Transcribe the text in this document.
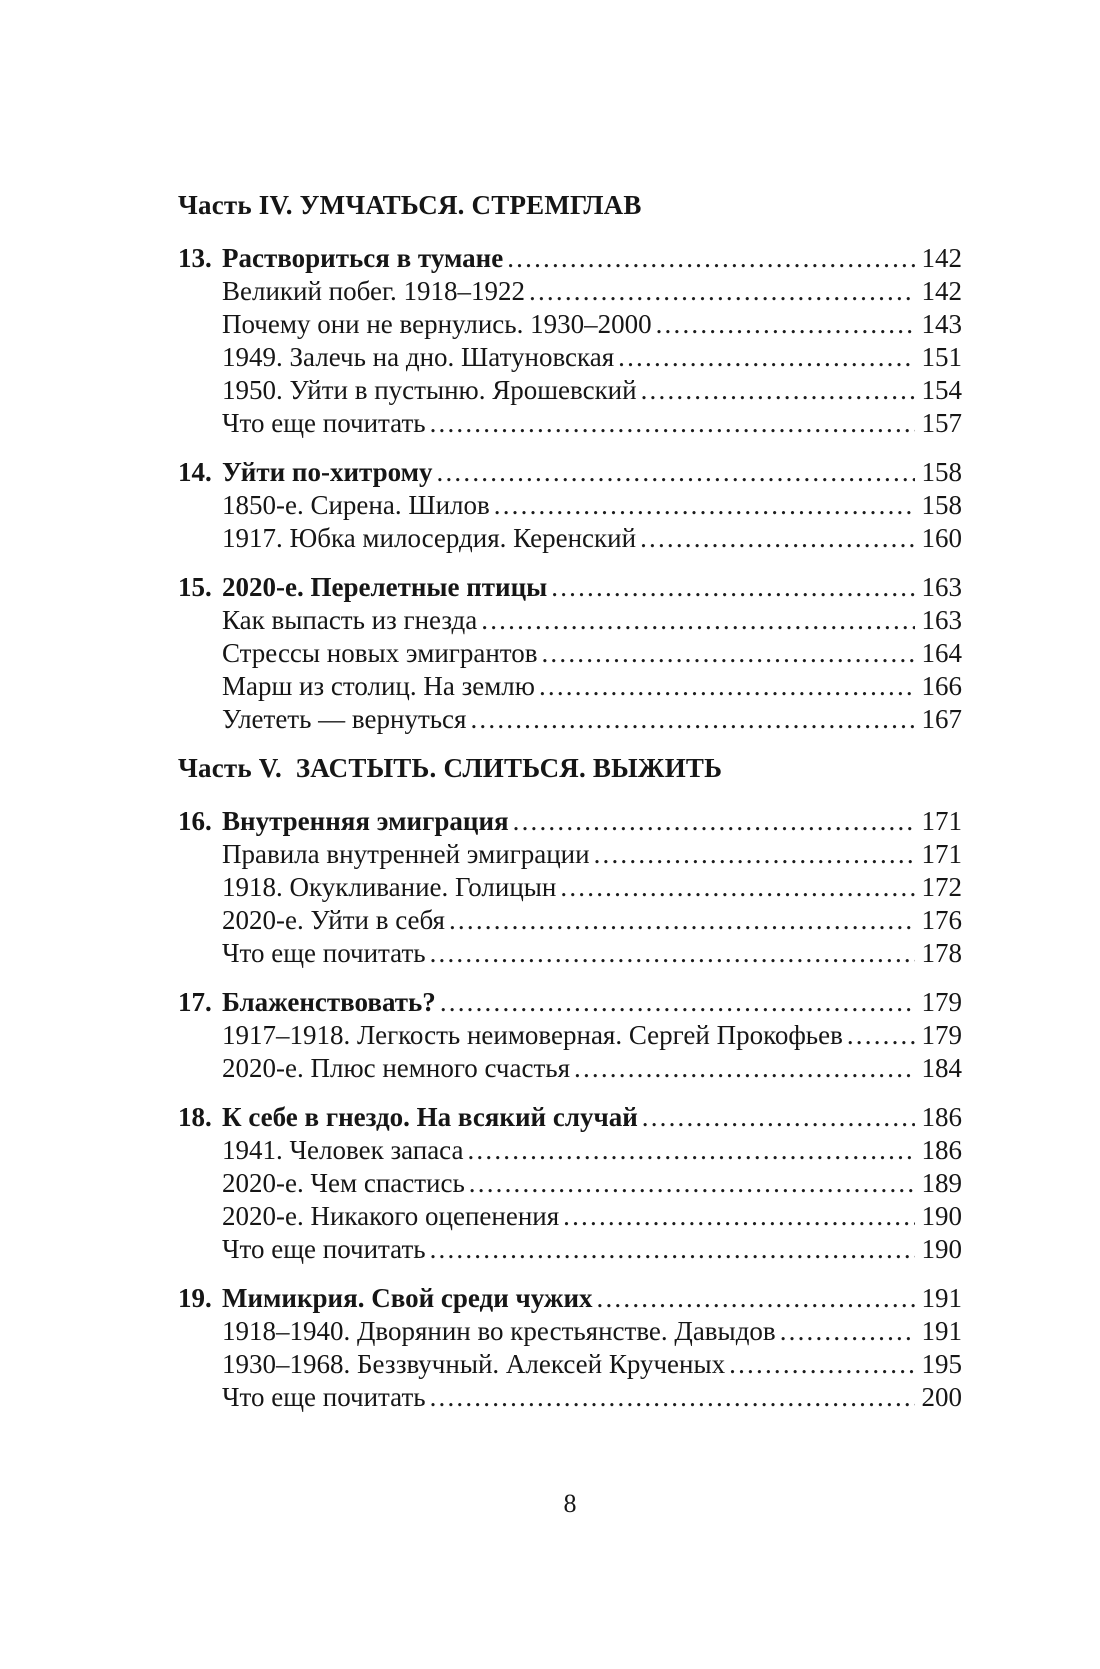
Часть IV. УМЧАТЬСЯ. СТРЕМГЛАВ
13. Раствориться в тумане .....	142
Великий побег. 1918–1922 .....	142
Почему они не вернулись. 1930–2000 .....	143
1949. Залечь на дно. Шатуновская .....	151
1950. Уйти в пустыню. Ярошевский .....	154
Что еще почитать .....	157
14. Уйти по-хитрому .....	158
1850-е. Сирена. Шилов .....	158
1917. Юбка милосердия. Керенский .....	160
15. 2020-е. Перелетные птицы .....	163
Как выпасть из гнезда .....	163
Стрессы новых эмигрантов .....	164
Марш из столиц. На землю .....	166
Улететь — вернуться .....	167
Часть V.  ЗАСТЫТЬ. СЛИТЬСЯ. ВЫЖИТЬ
16. Внутренняя эмиграция .....	171
Правила внутренней эмиграции .....	171
1918. Окукливание. Голицын .....	172
2020-е. Уйти в себя .....	176
Что еще почитать .....	178
17. Блаженствовать? .....	179
1917–1918. Легкость неимоверная. Сергей Прокофьев .....	179
2020-е. Плюс немного счастья .....	184
18. К себе в гнездо. На всякий случай .....	186
1941. Человек запаса .....	186
2020-е. Чем спастись .....	189
2020-е. Никакого оцепенения .....	190
Что еще почитать .....	190
19. Мимикрия. Свой среди чужих .....	191
1918–1940. Дворянин во крестьянстве. Давыдов .....	191
1930–1968. Беззвучный. Алексей Крученых .....	195
Что еще почитать .....	200
8
